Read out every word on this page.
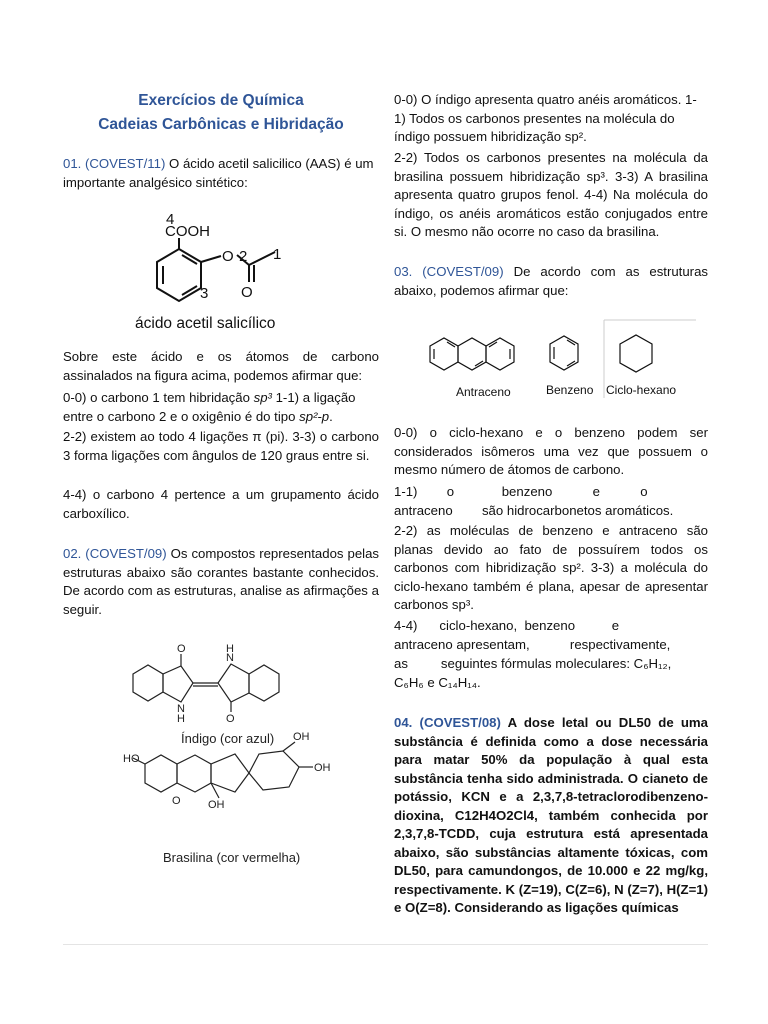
Exercícios de Química
Cadeias Carbônicas e Hibridação

01. (COVEST/11) O ácido acetil salicilico (AAS) é um importante analgésico sintético:

COOH
4
O
O
2 1
3
ácido acetil salicílico

Sobre este ácido e os átomos de carbono assinalados na figura acima, podemos afirmar que:

0-0) o carbono 1 tem hibridação sp³ 1-1) a ligação entre o carbono 2 e o oxigênio é do tipo sp²-p.

2-2) existem ao todo 4 ligações π (pi). 3-3) o carbono 3 forma ligações com ângulos de 120 graus entre si.

4-4) o carbono 4 pertence a um grupamento ácido carboxílico.

02. (COVEST/09) Os compostos representados pelas estruturas abaixo são corantes bastante conhecidos. De acordo com as estruturas, analise as afirmações a seguir.

O
N
H
N
H	O
Índigo (cor azul)
HO
OH
OH
OH
O
Brasilina (cor vermelha)

0-0) O índigo apresenta quatro anéis aromáticos. 1-1) Todos os carbonos presentes na molécula do índigo possuem hibridização sp².

2-2) Todos os carbonos presentes na molécula da brasilina possuem hibridização sp³. 3-3) A brasilina apresenta quatro grupos fenol. 4-4) Na molécula do índigo, os anéis aromáticos estão conjugados entre si. O mesmo não ocorre no caso da brasilina.

03. (COVEST/09) De acordo com as estruturas abaixo, podemos afirmar que:

Antraceno	Benzeno Ciclo-hexano

0-0) o ciclo-hexano e o benzeno podem ser considerados isômeros uma vez que possuem o mesmo número de átomos de carbono.

1-1)        o             benzeno           e           o

antraceno        são hidrocarbonetos aromáticos.

2-2) as moléculas de benzeno e antraceno são planas devido ao fato de possuírem todos os carbonos com hibridização sp². 3-3) a molécula do ciclo-hexano também é plana, apesar de apresentar carbonos sp³.

4-4)      ciclo-hexano,  benzeno          e

antraceno apresentam,           respectivamente,

as         seguintes fórmulas moleculares: C₆H₁₂,

C₆H₆ e C₁₄H₁₄.

04. (COVEST/08) A dose letal ou DL50 de uma substância é definida como a dose necessária para matar 50% da população à qual esta substância tenha sido administrada. O cianeto de potássio, KCN e a 2,3,7,8-tetraclorodibenzeno- dioxina, C12H4O2Cl4, também conhecida por 2,3,7,8-TCDD, cuja estrutura está apresentada abaixo, são substâncias altamente tóxicas, com DL50, para camundongos, de 10.000 e 22 mg/kg, respectivamente. K (Z=19), C(Z=6), N (Z=7), H(Z=1) e O(Z=8). Considerando as ligações químicas
